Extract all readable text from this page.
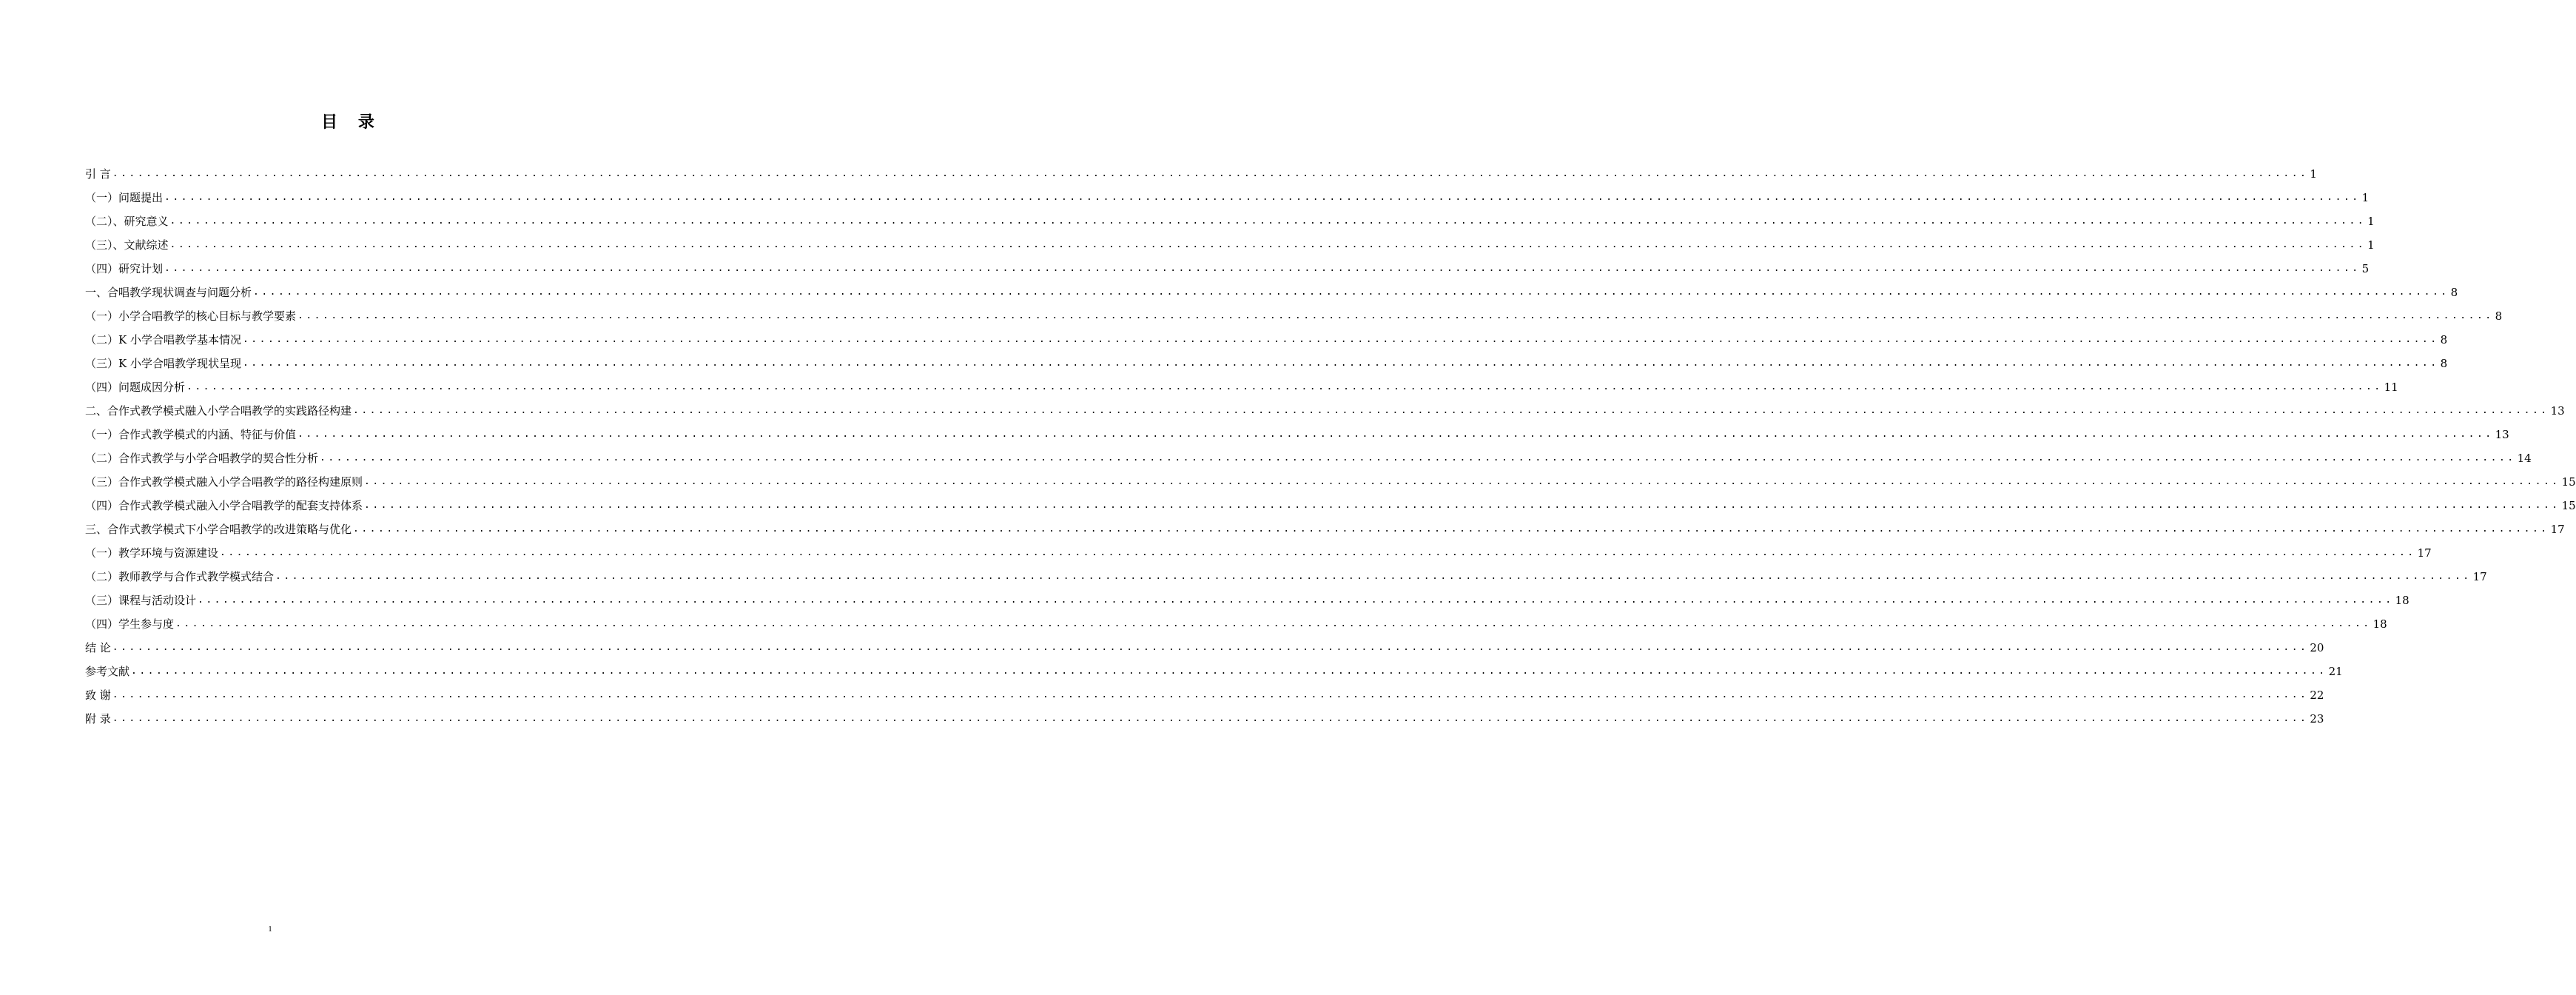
目 录
引 言 ...................................................................................................................................................................................................................................................................... 1
（一）问题提出 ...................................................................................................................................................................................................................................................................... 1
（二）、研究意义 ...................................................................................................................................................................................................................................................................... 1
（三）、文献综述 ...................................................................................................................................................................................................................................................................... 1
（四）研究计划 ...................................................................................................................................................................................................................................................................... 5
一、合唱教学现状调查与问题分析 ...................................................................................................................................................................................................................................................................... 8
（一）小学合唱教学的核心目标与教学要素 ...................................................................................................................................................................................................................................................................... 8
（二）K 小学合唱教学基本情况 ...................................................................................................................................................................................................................................................................... 8
（三）K 小学合唱教学现状呈现 ...................................................................................................................................................................................................................................................................... 8
（四）问题成因分析 ...................................................................................................................................................................................................................................................................... 11
二、合作式教学模式融入小学合唱教学的实践路径构建 ...................................................................................................................................................................................................................................................................... 13
（一）合作式教学模式的内涵、特征与价值 ...................................................................................................................................................................................................................................................................... 13
（二）合作式教学与小学合唱教学的契合性分析 ...................................................................................................................................................................................................................................................................... 14
（三）合作式教学模式融入小学合唱教学的路径构建原则 ...................................................................................................................................................................................................................................................................... 15
（四）合作式教学模式融入小学合唱教学的配套支持体系 ...................................................................................................................................................................................................................................................................... 15
三、合作式教学模式下小学合唱教学的改进策略与优化 ...................................................................................................................................................................................................................................................................... 17
（一）教学环境与资源建设 ...................................................................................................................................................................................................................................................................... 17
（二）教师教学与合作式教学模式结合 ...................................................................................................................................................................................................................................................................... 17
（三）课程与活动设计 ...................................................................................................................................................................................................................................................................... 18
（四）学生参与度 ...................................................................................................................................................................................................................................................................... 18
结 论 ...................................................................................................................................................................................................................................................................... 20
参考文献 ...................................................................................................................................................................................................................................................................... 21
致 谢 ...................................................................................................................................................................................................................................................................... 22
附 录 ...................................................................................................................................................................................................................................................................... 23
1
